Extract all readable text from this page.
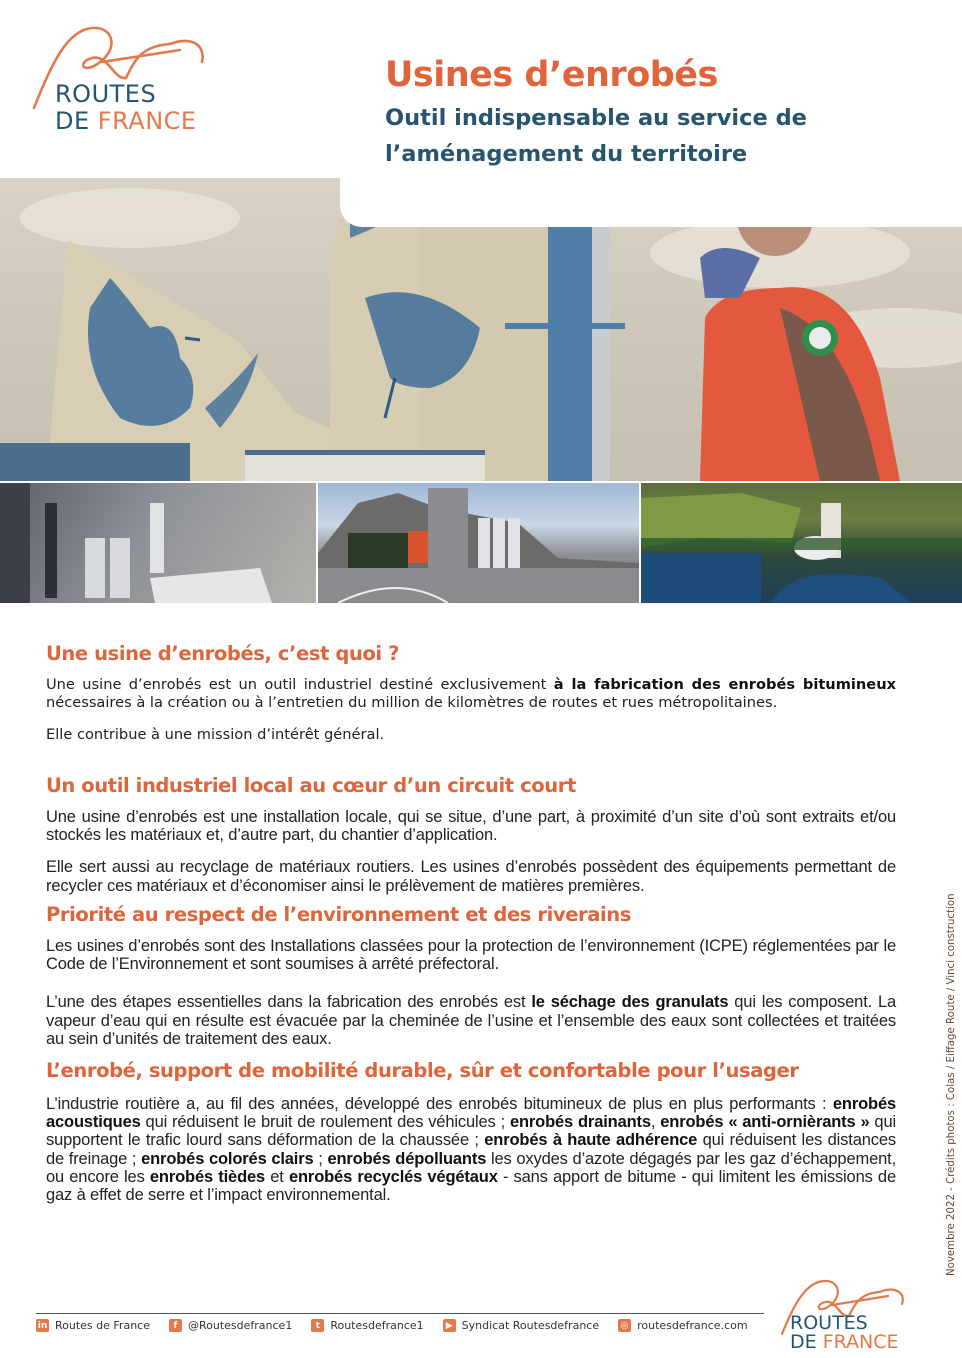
ROUTES
DE FRANCE
Usines d’enrobés
Outil indispensable au service de
l’aménagement du territoire
Une usine d’enrobés, c’est quoi ?

Une usine d’enrobés est un outil industriel destiné exclusivement à la fabrication des enrobés bitumineux nécessaires à la création ou à l’entretien du million de kilomètres de routes et rues métropolitaines.

Elle contribue à une mission d’intérêt général.

Un outil industriel local au cœur d’un circuit court

Une usine d’enrobés est une installation locale, qui se situe, d’une part, à proximité d’un site d’où sont extraits et/ou stockés les matériaux et, d’autre part, du chantier d’application.

Elle sert aussi au recyclage de matériaux routiers. Les usines d’enrobés possèdent des équipements permettant de recycler ces matériaux et d’économiser ainsi le prélèvement de matières premières.

Priorité au respect de l’environnement et des riverains

Les usines d’enrobés sont des Installations classées pour la protection de l’environnement (ICPE) réglementées par le Code de l’Environnement et sont soumises à arrêté préfectoral.

L’une des étapes essentielles dans la fabrication des enrobés est le séchage des granulats qui les composent. La vapeur d’eau qui en résulte est évacuée par la cheminée de l’usine et l’ensemble des eaux sont collectées et traitées au sein d’unités de traitement des eaux.

L’enrobé, support de mobilité durable, sûr et confortable pour l’usager

L’industrie routière a, au fil des années, développé des enrobés bitumineux de plus en plus performants : enrobés acoustiques qui réduisent le bruit de roulement des véhicules ; enrobés drainants, enrobés « anti-ornièrants » qui supportent le trafic lourd sans déformation de la chaussée ; enrobés à haute adhérence qui réduisent les distances de freinage ; enrobés colorés clairs ; enrobés dépolluants les oxydes d’azote dégagés par les gaz d’échappement, ou encore les enrobés tièdes et enrobés recyclés végétaux - sans apport de bitume - qui limitent les émissions de gaz à effet de serre et l’impact environnemental.	Novembre 2022 - Crédits photos : Colas / Eiffage Route / Vinci construction
in Routes de France	f @Routesdefrance1	t Routesdefrance1	▶ Syndicat Routesdefrance ◎ routesdefrance.com ROUTES
DE FRANCE
